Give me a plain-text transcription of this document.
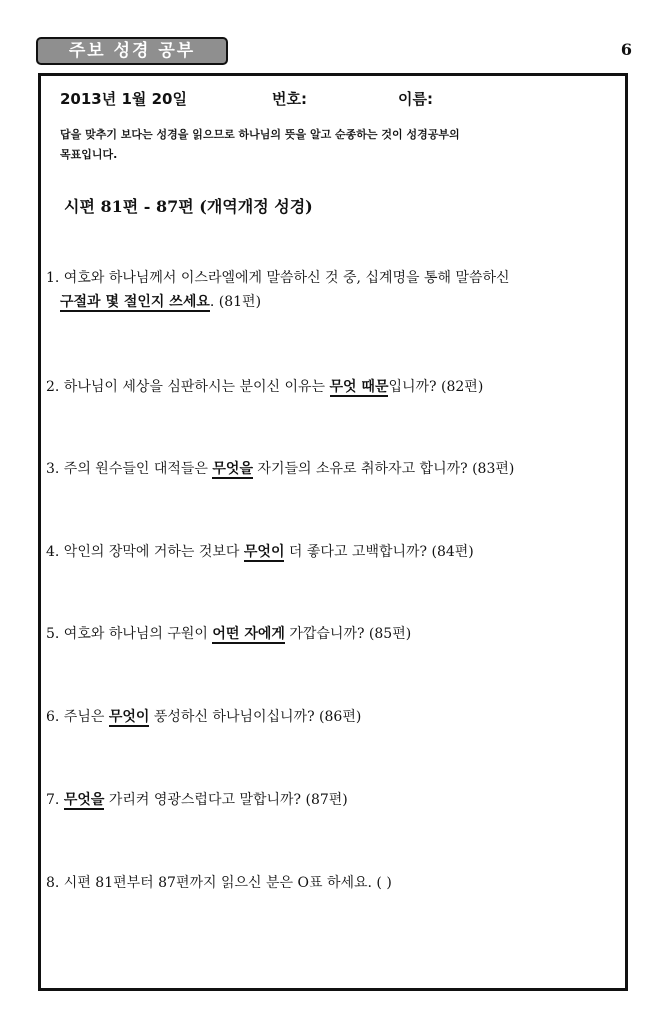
주보 성경 공부	6
2013년 1월 20일	번호:	이름:
답을 맞추기 보다는 성경을 읽으므로 하나님의 뜻을 알고 순종하는 것이 성경공부의
목표입니다.
시편 81편 - 87편 (개역개정 성경)
1. 여호와 하나님께서 이스라엘에게 말씀하신 것 중, 십계명을 통해 말씀하신
구절과 몇 절인지 쓰세요. (81편)
2. 하나님이 세상을 심판하시는 분이신 이유는 무엇 때문입니까? (82편)
3. 주의 원수들인 대적들은 무엇을 자기들의 소유로 취하자고 합니까? (83편)
4. 악인의 장막에 거하는 것보다 무엇이 더 좋다고 고백합니까? (84편)
5. 여호와 하나님의 구원이 어떤 자에게 가깝습니까? (85편)
6. 주님은 무엇이 풍성하신 하나님이십니까? (86편)
7. 무엇을 가리켜 영광스럽다고 말합니까? (87편)
8. 시편 81편부터 87편까지 읽으신 분은 O표 하세요. ( )
